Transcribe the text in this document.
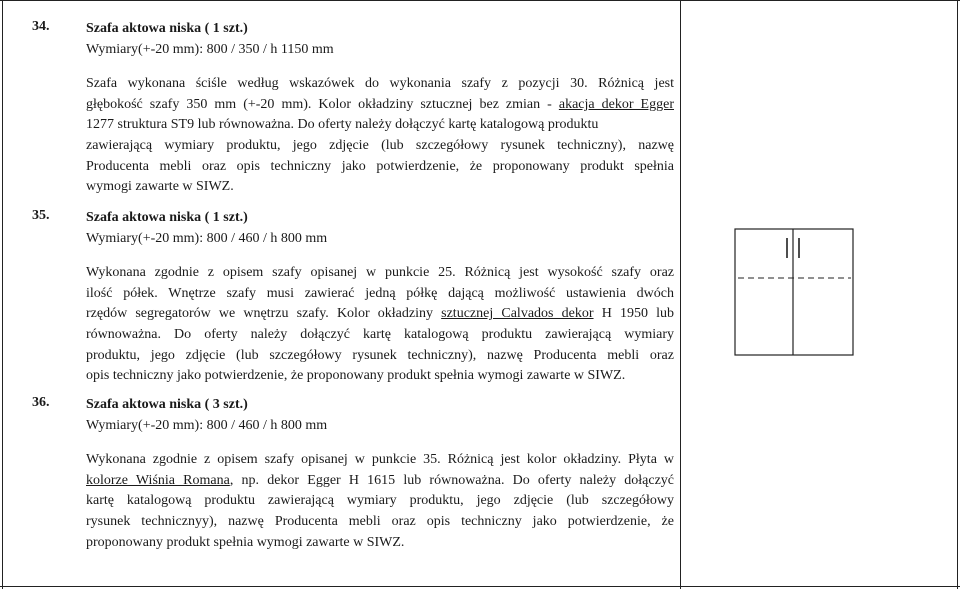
34.	Szafa aktowa niska ( 1 szt.)
Wymiary(+-20 mm): 800 / 350 / h 1150 mm
Szafa wykonana ściśle według wskazówek do wykonania szafy z pozycji 30. Różnicą jest
głębokość szafy 350 mm (+-20 mm). Kolor okładziny sztucznej bez zmian - akacja dekor Egger
1277 struktura ST9 lub równoważna. Do oferty należy dołączyć kartę katalogową produktu
zawierającą wymiary produktu, jego zdjęcie (lub szczegółowy rysunek techniczny), nazwę
Producenta mebli oraz opis techniczny jako potwierdzenie, że proponowany produkt spełnia
wymogi zawarte w SIWZ.
35.	Szafa aktowa niska ( 1 szt.)
Wymiary(+-20 mm): 800 / 460 / h 800 mm
Wykonana zgodnie z opisem szafy opisanej w punkcie 25. Różnicą jest wysokość szafy oraz
ilość półek. Wnętrze szafy musi zawierać jedną półkę dającą możliwość ustawienia dwóch
rzędów segregatorów we wnętrzu szafy. Kolor okładziny sztucznej Calvados dekor H 1950 lub
równoważna. Do oferty należy dołączyć kartę katalogową produktu zawierającą wymiary
produktu, jego zdjęcie (lub szczegółowy rysunek techniczny), nazwę Producenta mebli oraz
opis techniczny jako potwierdzenie, że proponowany produkt spełnia wymogi zawarte w SIWZ.
36.	Szafa aktowa niska ( 3 szt.)
Wymiary(+-20 mm): 800 / 460 / h 800 mm
Wykonana zgodnie z opisem szafy opisanej w punkcie 35. Różnicą jest kolor okładziny. Płyta w
kolorze Wiśnia Romana, np. dekor Egger H 1615 lub równoważna. Do oferty należy dołączyć
kartę katalogową produktu zawierającą wymiary produktu, jego zdjęcie (lub szczegółowy
rysunek technicznyy), nazwę Producenta mebli oraz opis techniczny jako potwierdzenie, że
proponowany produkt spełnia wymogi zawarte w SIWZ.
